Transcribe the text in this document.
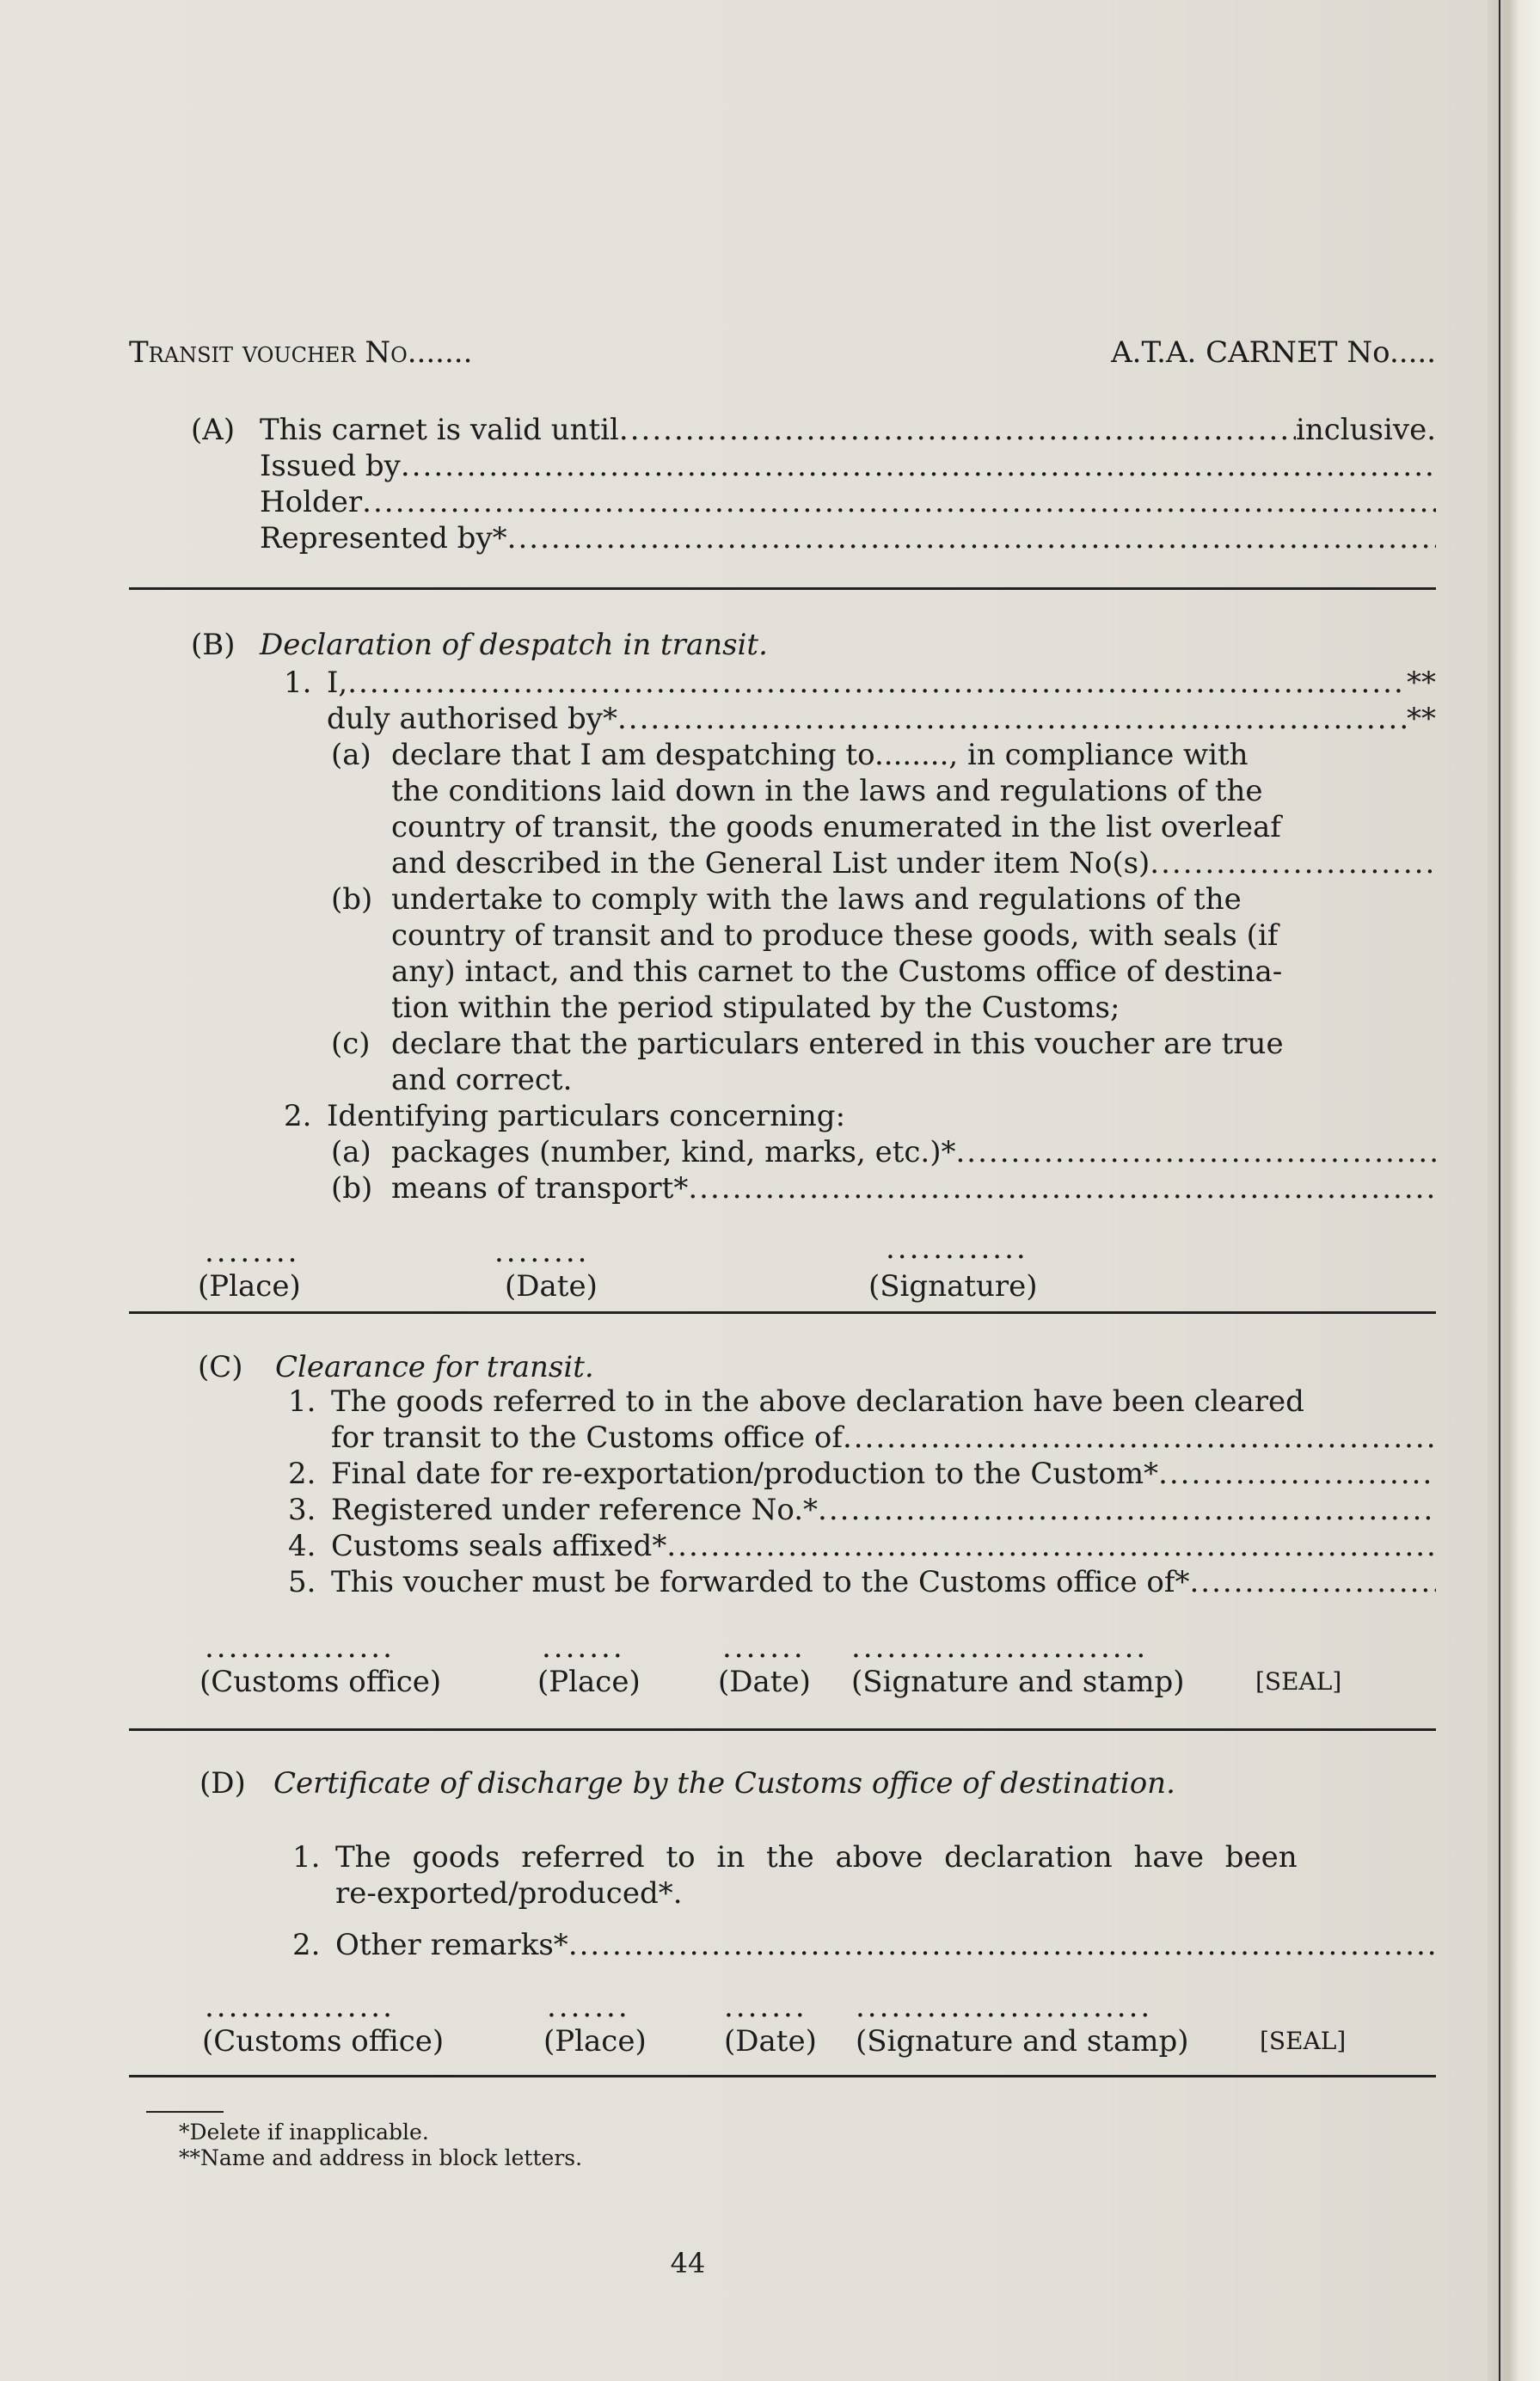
Transit voucher No.......	A.T.A. CARNET No.....
(A) This carnet is valid until .....	inclusive.
Issued by
.....
Holder
.....
Represented by*
.....
(B) Declaration of despatch in transit.
1. I, .....	**
duly authorised by* .....	**
(a) declare that I am despatching to........, in compliance with
the conditions laid down in the laws and regulations of the
country of transit, the goods enumerated in the list overleaf
and described in the General List under item No(s)
.....
(b) undertake to comply with the laws and regulations of the
country of transit and to produce these goods, with seals (if
any) intact, and this carnet to the Customs office of destina-
tion within the period stipulated by the Customs;
(c) declare that the particulars entered in this voucher are true
and correct.
2. Identifying particulars concerning:
(a) packages (number, kind, marks, etc.)*
.....
(b) means of transport*
.....
........	........	............
(Place)	(Date)	(Signature)
(C)	Clearance for transit.
1. The goods referred to in the above declaration have been cleared
for transit to the Customs office of
.....
2. Final date for re-exportation/production to the Custom*
.....
3. Registered under reference No.*
.....
4. Customs seals affixed*
.....
5. This voucher must be forwarded to the Customs office of*
.....
................	.......	....... .........................
(Customs office)	(Place)	(Date) (Signature and stamp)	[SEAL]
(D) Certificate of discharge by the Customs office of destination.
1. The goods referred to in the above declaration have been
re-exported/produced*.
2. Other remarks*
.....
................	.......	....... .........................
(Customs office)	(Place)	(Date) (Signature and stamp)	[SEAL]
*Delete if inapplicable.
**Name and address in block letters.
44
